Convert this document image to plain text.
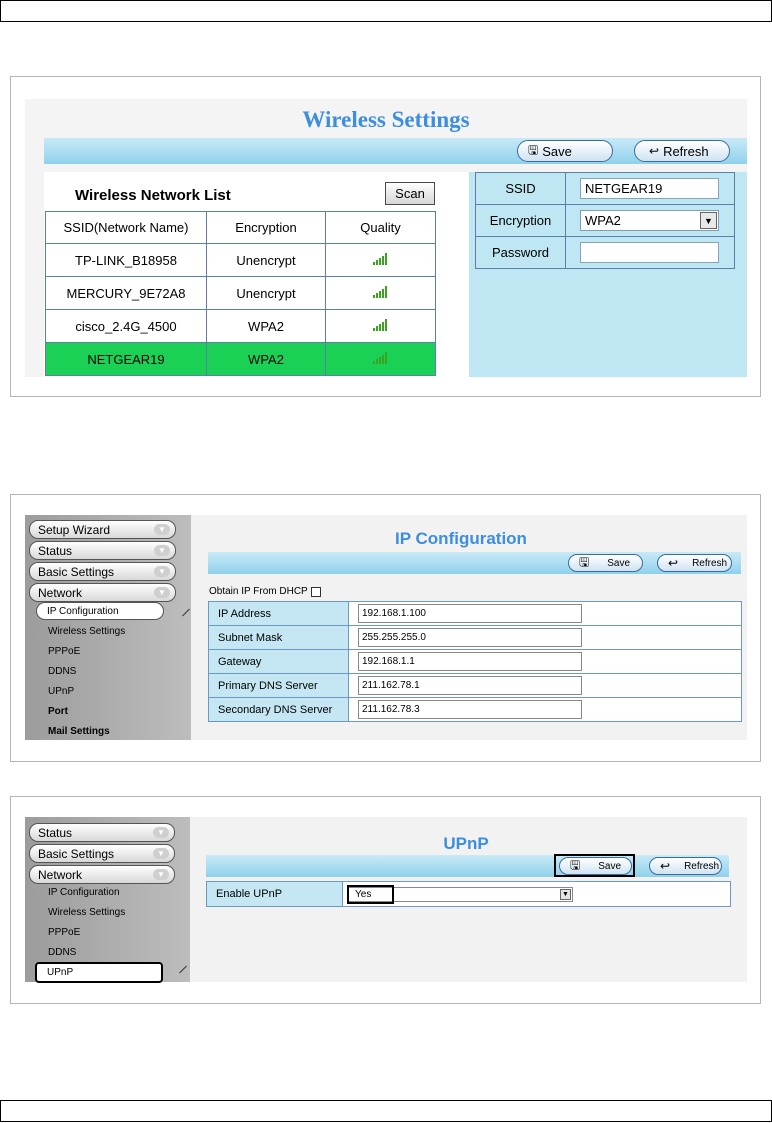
Wireless Settings
🖫 Save	↩ Refresh
Wireless Network List	Scan
SSID(Network Name)	Encryption	Quality
TP-LINK_B18958	Unencrypt	

MERCURY_9E72A8	Unencrypt	

cisco_2.4G_4500	WPA2	

NETGEAR19	WPA2	
SSID	NETGEAR19

Encryption	WPA2 ▼

Password	
Setup Wizard	▼
Status	▼
Basic Settings	▼
Network	▼
IP Configuration
Wireless Settings
PPPoE
DDNS
UPnP
Port
Mail Settings
IP Configuration
🖫 Save	↩ Refresh
Obtain IP From DHCP
IP Address	192.168.1.100

Subnet Mask	255.255.255.0

Gateway	192.168.1.1

Primary DNS Server	211.162.78.1

Secondary DNS Server	211.162.78.3
Status	▼
Basic Settings	▼
Network	▼
IP Configuration
Wireless Settings
PPPoE
DDNS
UPnP
UPnP
🖫 Save	↩ Refresh
Enable UPnP	Yes	▼
